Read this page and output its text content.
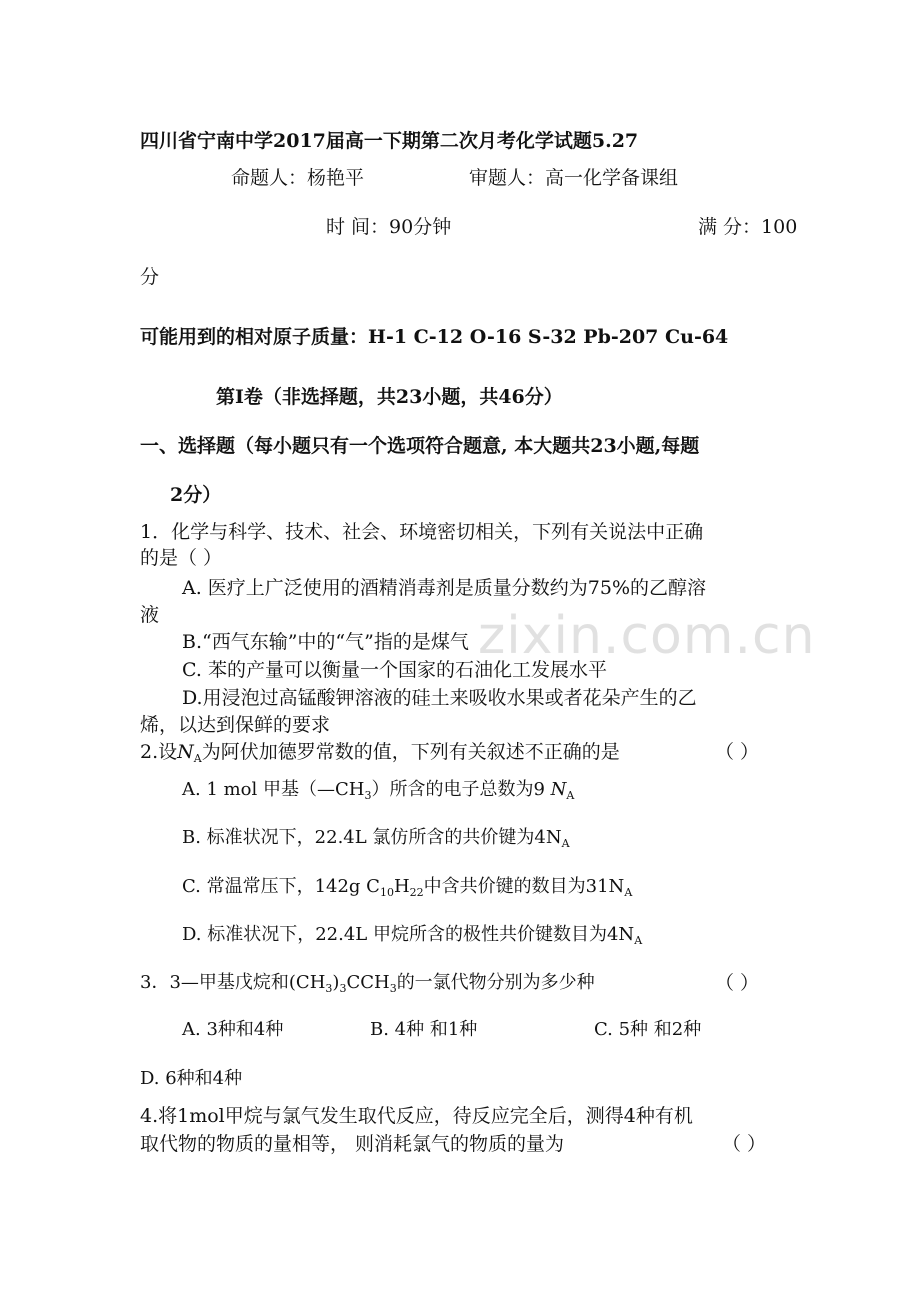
四川省宁南中学2017届高一下期第二次月考化学试题5.27
命题人：杨艳平	审题人：高一化学备课组
时 间：90分钟	满 分：100
分
可能用到的相对原子质量：H-1 C-12 O-16 S-32 Pb-207 Cu-64
第Ⅰ卷（非选择题，共23小题，共46分）
一、选择题（每小题只有一个选项符合题意, 本大题共23小题,每题
2分）
1．化学与科学、技术、社会、环境密切相关，下列有关说法中正确
的是（ ）
A. 医疗上广泛使用的酒精消毒剂是质量分数约为75%的乙醇溶
液
B.“西气东输”中的“气”指的是煤气
C. 苯的产量可以衡量一个国家的石油化工发展水平
D.用浸泡过高锰酸钾溶液的硅土来吸收水果或者花朵产生的乙
烯，以达到保鲜的要求
2.设$N_A$为阿伏加德罗常数的值，下列有关叙述不正确的是	（ ）
A. 1 mol 甲基$(—CH_3)$所含的电子总数为9 $N_A$
B. 标准状况下，22.4L 氯仿所含的共价键为$4N_A$
C. 常温常压下，142g $C_{10}H_{22}$中含共价键的数目为$31N_A$
D. 标准状况下，22.4L 甲烷所含的极性共价键数目为$4N_A$
3．3—甲基戊烷和$(CH_3)_3CCH_3$的一氯代物分别为多少种	（ ）
A. 3种和4种	B. 4种 和1种	C. 5种 和2种
D. 6种和4种
4.将1mol甲烷与氯气发生取代反应，待反应完全后，测得4种有机
取代物的物质的量相等， 则消耗氯气的物质的量为	（ ）
zixin.com.cn
